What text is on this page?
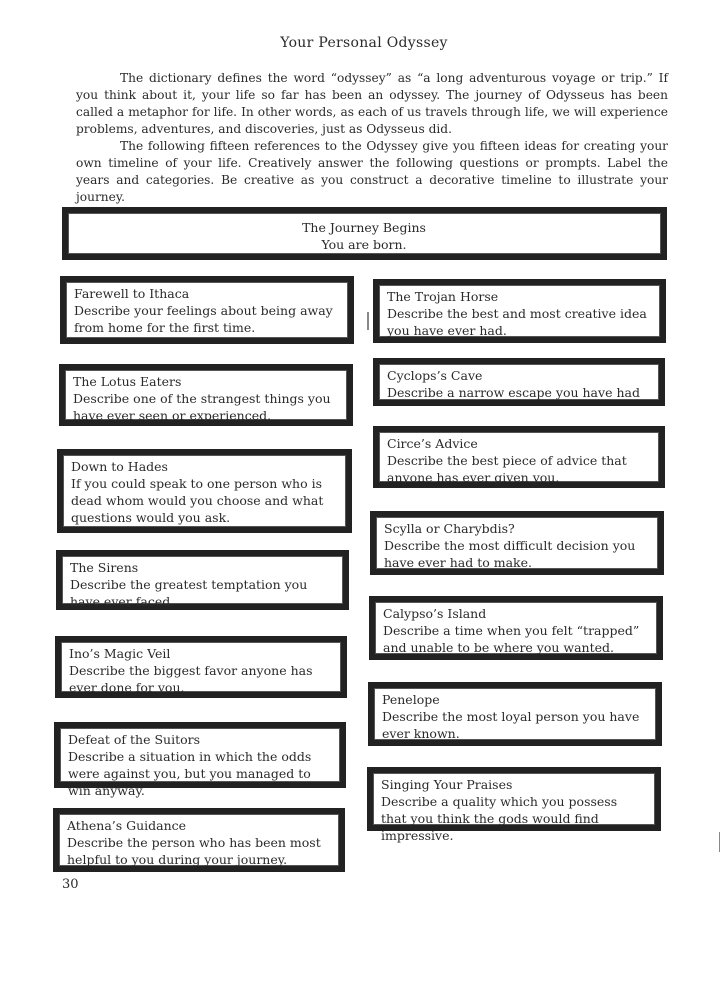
Your Personal Odyssey

The dictionary defines the word “odyssey” as “a long adventurous voyage or trip.” If you think about it, your life so far has been an odyssey. The journey of Odysseus has been called a metaphor for life. In other words, as each of us travels through life, we will experience problems, adventures, and discoveries, just as Odysseus did.

The following fifteen references to the Odyssey give you fifteen ideas for creating your own timeline of your life. Creatively answer the following questions or prompts. Label the years and categories. Be creative as you construct a decorative timeline to illustrate your journey.

The Journey Begins
You are born.
Farewell to Ithaca
Describe your feelings about being away from home for the first time.
The Lotus Eaters
Describe one of the strangest things you have ever seen or experienced.
Down to Hades
If you could speak to one person who is dead whom would you choose and what questions would you ask.
The Sirens
Describe the greatest temptation you have ever faced.
Ino’s Magic Veil
Describe the biggest favor anyone has ever done for you.
Defeat of the Suitors
Describe a situation in which the odds were against you, but you managed to win anyway.
Athena’s Guidance
Describe the person who has been most helpful to you during your journey.
The Trojan Horse
Describe the best and most creative idea you have ever had.
Cyclops’s Cave
Describe a narrow escape you have had
Circe’s Advice
Describe the best piece of advice that anyone has ever given you.
Scylla or Charybdis?
Describe the most difficult decision you have ever had to make.
Calypso’s Island
Describe a time when you felt “trapped” and unable to be where you wanted.
Penelope
Describe the most loyal person you have ever known.
Singing Your Praises
Describe a quality which you possess that you think the gods would find impressive.
30
